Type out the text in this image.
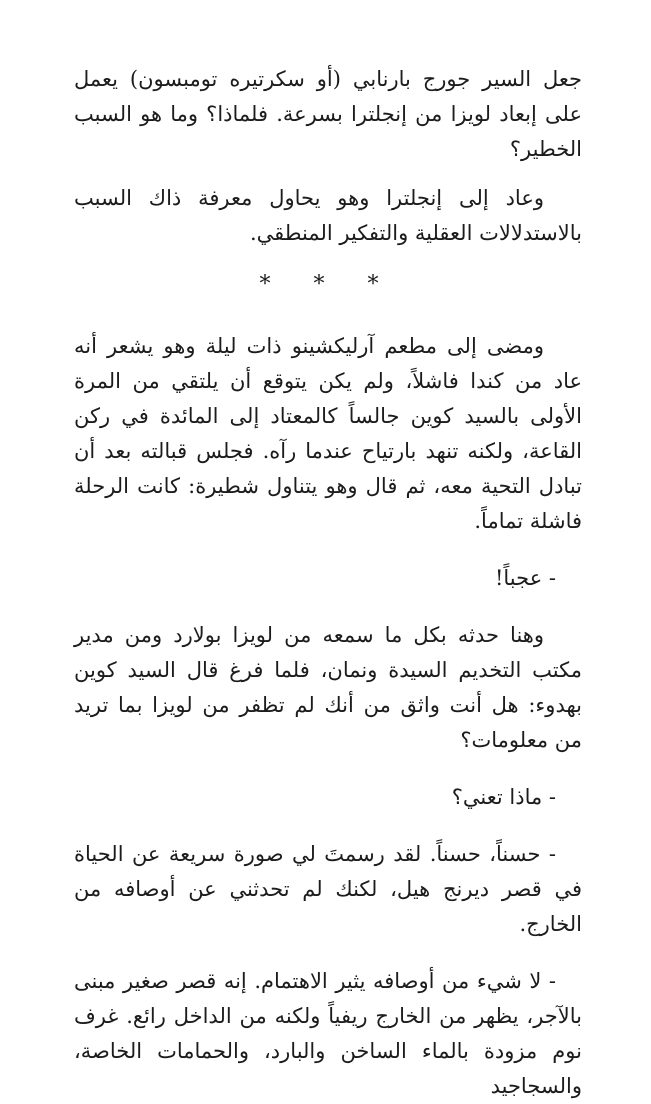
جعل السير جورج بارنابي (أو سكرتيره تومبسون) يعمل على إبعاد لويزا من إنجلترا بسرعة. فلماذا؟ وما هو السبب الخطير؟

وعاد إلى إنجلترا وهو يحاول معرفة ذاك السبب بالاستدلالات العقلية والتفكير المنطقي.

* * *

ومضى إلى مطعم آرليكشينو ذات ليلة وهو يشعر أنه عاد من كندا فاشلاً، ولم يكن يتوقع أن يلتقي من المرة الأولى بالسيد كوين جالساً كالمعتاد إلى المائدة في ركن القاعة، ولكنه تنهد بارتياح عندما رآه. فجلس قبالته بعد أن تبادل التحية معه، ثم قال وهو يتناول شطيرة: كانت الرحلة فاشلة تماماً.

- عجباً!

وهنا حدثه بكل ما سمعه من لويزا بولارد ومن مدير مكتب التخديم السيدة ونمان، فلما فرغ قال السيد كوين بهدوء: هل أنت واثق من أنك لم تظفر من لويزا بما تريد من معلومات؟

- ماذا تعني؟

- حسناً، حسناً. لقد رسمتَ لي صورة سريعة عن الحياة في قصر ديرنج هيل، لكنك لم تحدثني عن أوصافه من الخارج.

- لا شيء من أوصافه يثير الاهتمام. إنه قصر صغير مبنى بالآجر، يظهر من الخارج ريفياً ولكنه من الداخل رائع. غرف نوم مزودة بالماء الساخن والبارد، والحمامات الخاصة، والسجاجيد
